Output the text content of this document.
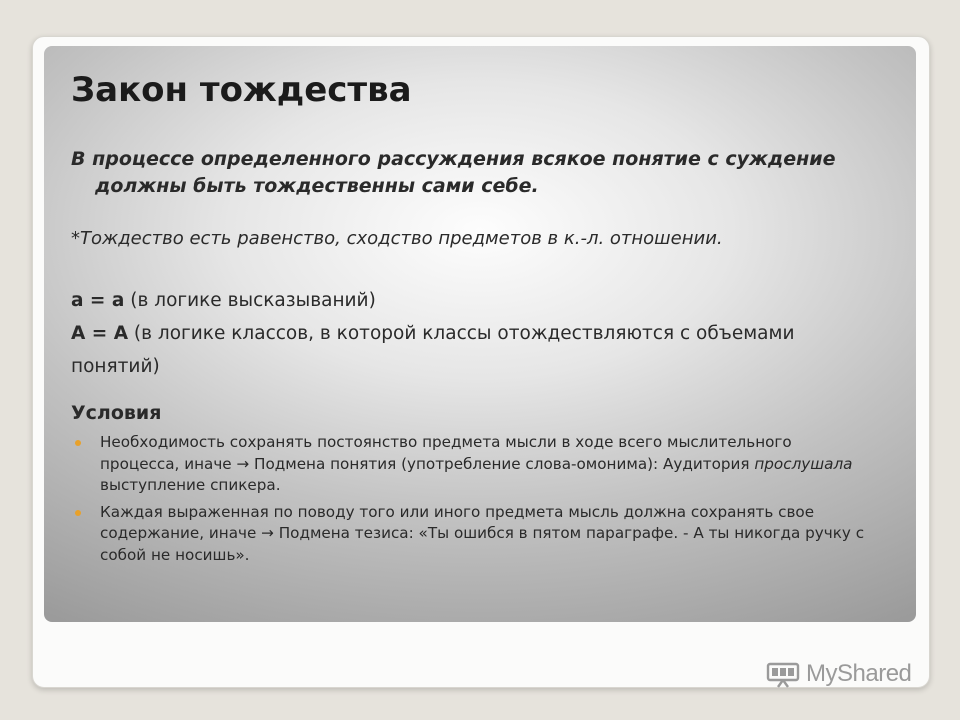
Закон тождества

В процессе определенного рассуждения всякое понятие с суждение должны быть тождественны сами себе.

*Тождество есть равенство, сходство предметов в к.-л. отношении.

а = а (в логике высказываний)

А = А (в логике классов, в которой классы отождествляются с объемами

понятий)

Условия

Необходимость сохранять постоянство предмета мысли в ходе всего мыслительного процесса, иначе → Подмена понятия (употребление слова-омонима): Аудитория прослушала выступление спикера.
Каждая выраженная по поводу того или иного предмета мысль должна сохранять свое содержание, иначе → Подмена тезиса: «Ты ошибся в пятом параграфе. - А ты никогда ручку с собой не носишь».
MyShared
